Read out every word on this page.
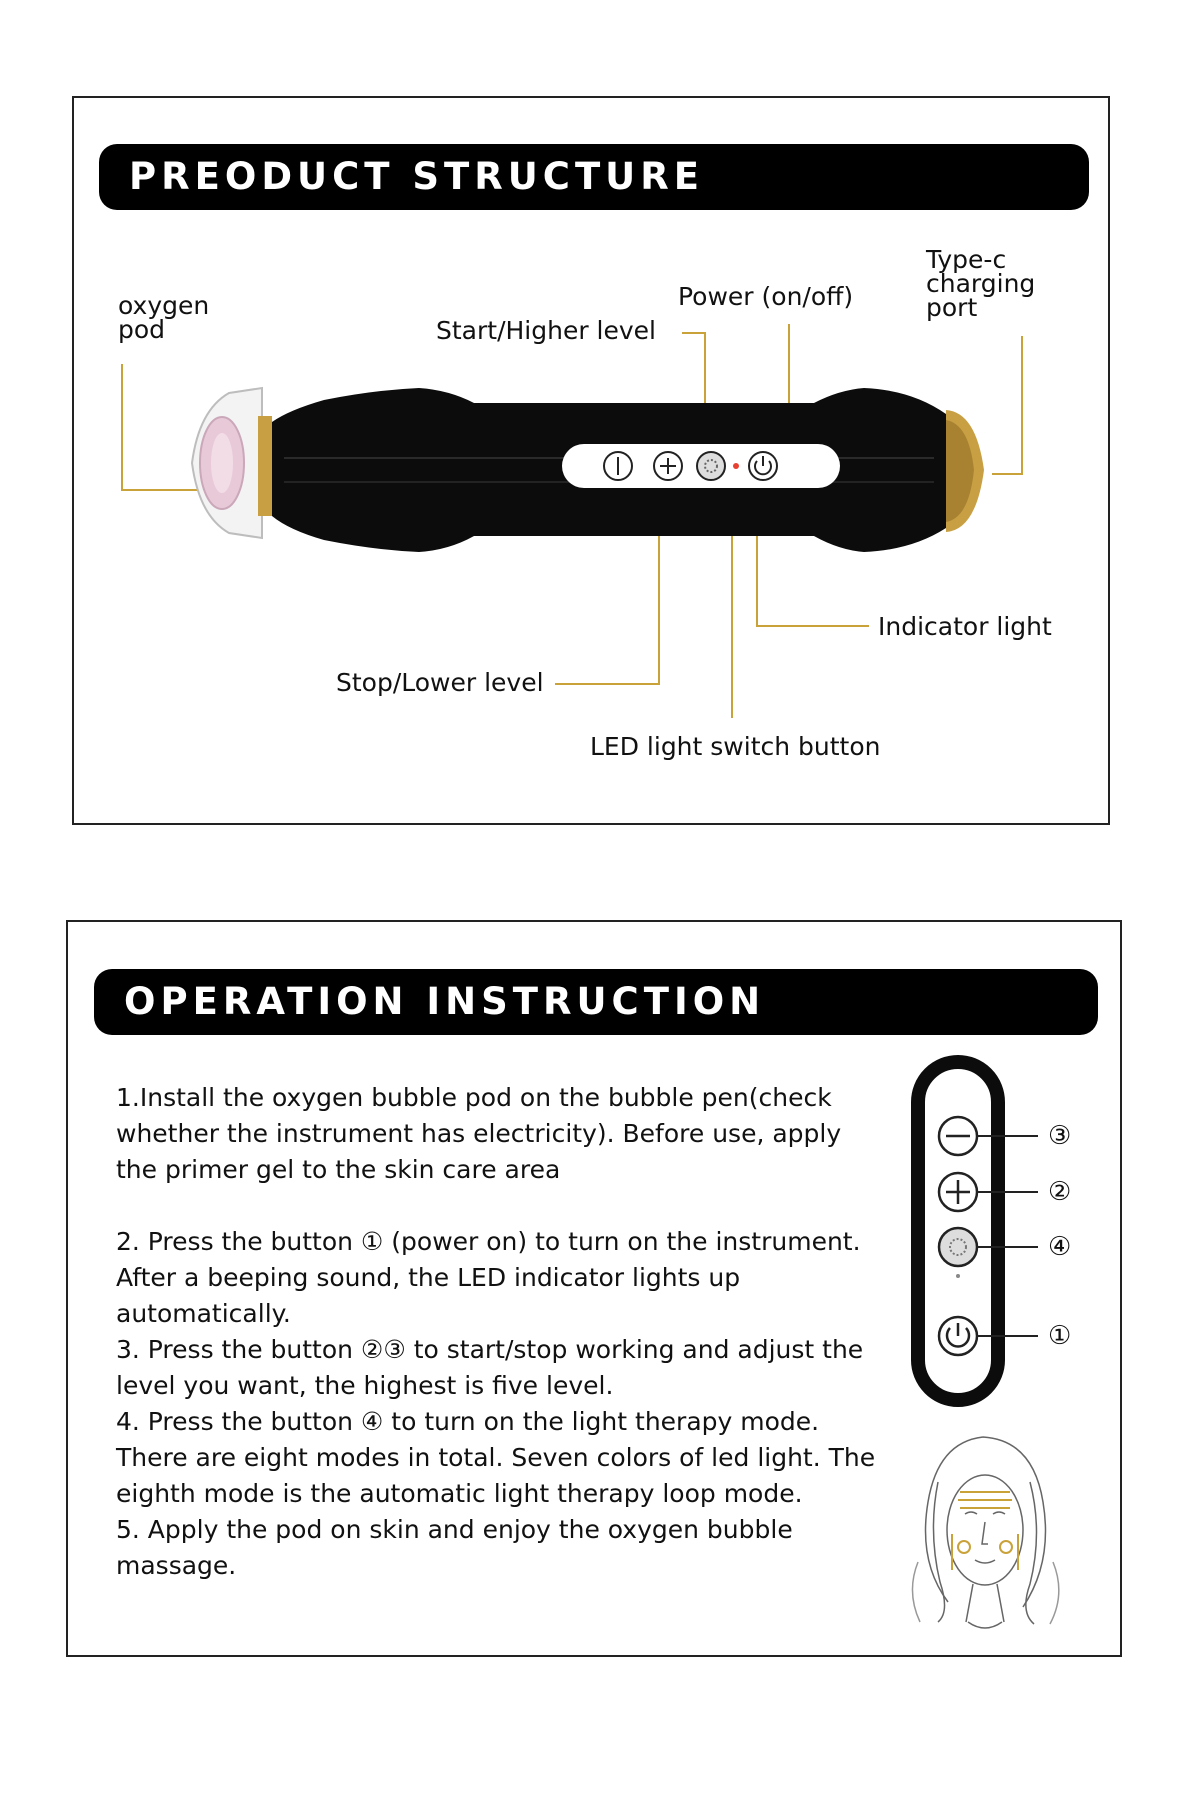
PREODUCT STRUCTURE
oxygen
pod	Start/Higher level
Power (on/off)
Type-c
charging
port
Indicator light
Stop/Lower level
LED light switch button
OPERATION INSTRUCTION

1.Install the oxygen bubble pod on the bubble pen(check whether the instrument has electricity). Before use, apply the primer gel to the skin care area

2. Press the button ① (power on) to turn on the instrument. After a beeping sound, the LED indicator lights up automatically.

3. Press the button ②③ to start/stop working and adjust the level you want, the highest is five level.

4. Press the button ④ to turn on the light therapy mode. There are eight modes in total. Seven colors of led light. The eighth mode is the automatic light therapy loop mode.

5. Apply the pod on skin and enjoy the oxygen bubble massage.

③
②
④
①
